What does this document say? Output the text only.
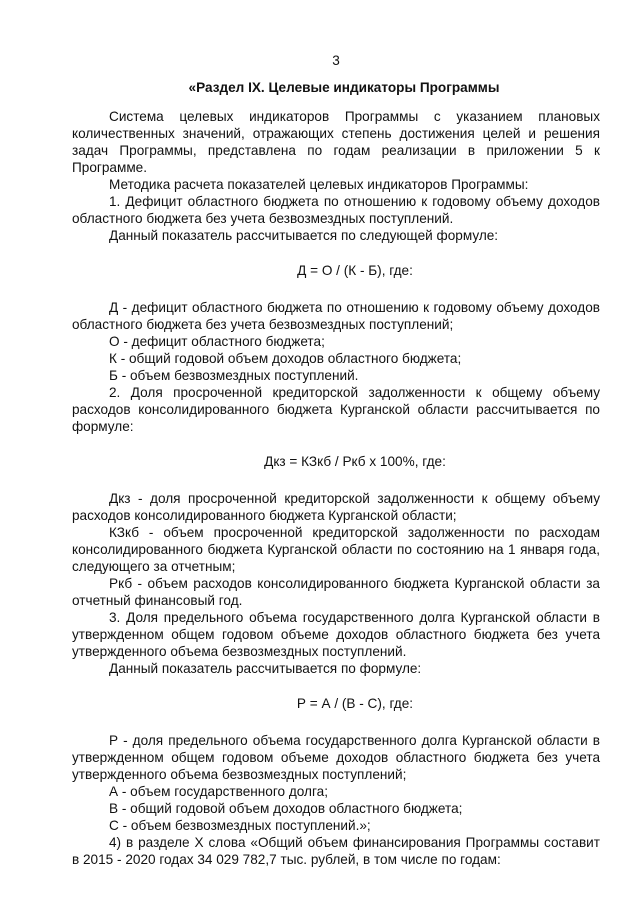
3
«Раздел IX. Целевые индикаторы Программы

Система целевых индикаторов Программы с указанием плановых количественных значений, отражающих степень достижения целей и решения задач Программы, представлена по годам реализации в приложении 5 к Программе.

Методика расчета показателей целевых индикаторов Программы:

1. Дефицит областного бюджета по отношению к годовому объему доходов областного бюджета без учета безвозмездных поступлений.

Данный показатель рассчитывается по следующей формуле:

Д = О / (К - Б), где:

Д - дефицит областного бюджета по отношению к годовому объему доходов областного бюджета без учета безвозмездных поступлений;

О - дефицит областного бюджета;

К - общий годовой объем доходов областного бюджета;

Б - объем безвозмездных поступлений.

2. Доля просроченной кредиторской задолженности к общему объему расходов консолидированного бюджета Курганской области рассчитывается по формуле:

Дкз = КЗкб / Ркб х 100%, где:

Дкз - доля просроченной кредиторской задолженности к общему объему расходов консолидированного бюджета Курганской области;

КЗкб - объем просроченной кредиторской задолженности по расходам консолидированного бюджета Курганской области по состоянию на 1 января года, следующего за отчетным;

Ркб - объем расходов консолидированного бюджета Курганской области за отчетный финансовый год.

3. Доля предельного объема государственного долга Курганской области в утвержденном общем годовом объеме доходов областного бюджета без учета утвержденного объема безвозмездных поступлений.

Данный показатель рассчитывается по формуле:

Р = А / (В - С), где:

Р - доля предельного объема государственного долга Курганской области в утвержденном общем годовом объеме доходов областного бюджета без учета утвержденного объема безвозмездных поступлений;

А - объем государственного долга;

В - общий годовой объем доходов областного бюджета;

С - объем безвозмездных поступлений.»;

4) в разделе X слова «Общий объем финансирования Программы составит в 2015 - 2020 годах 34 029 782,7 тыс. рублей, в том числе по годам:
